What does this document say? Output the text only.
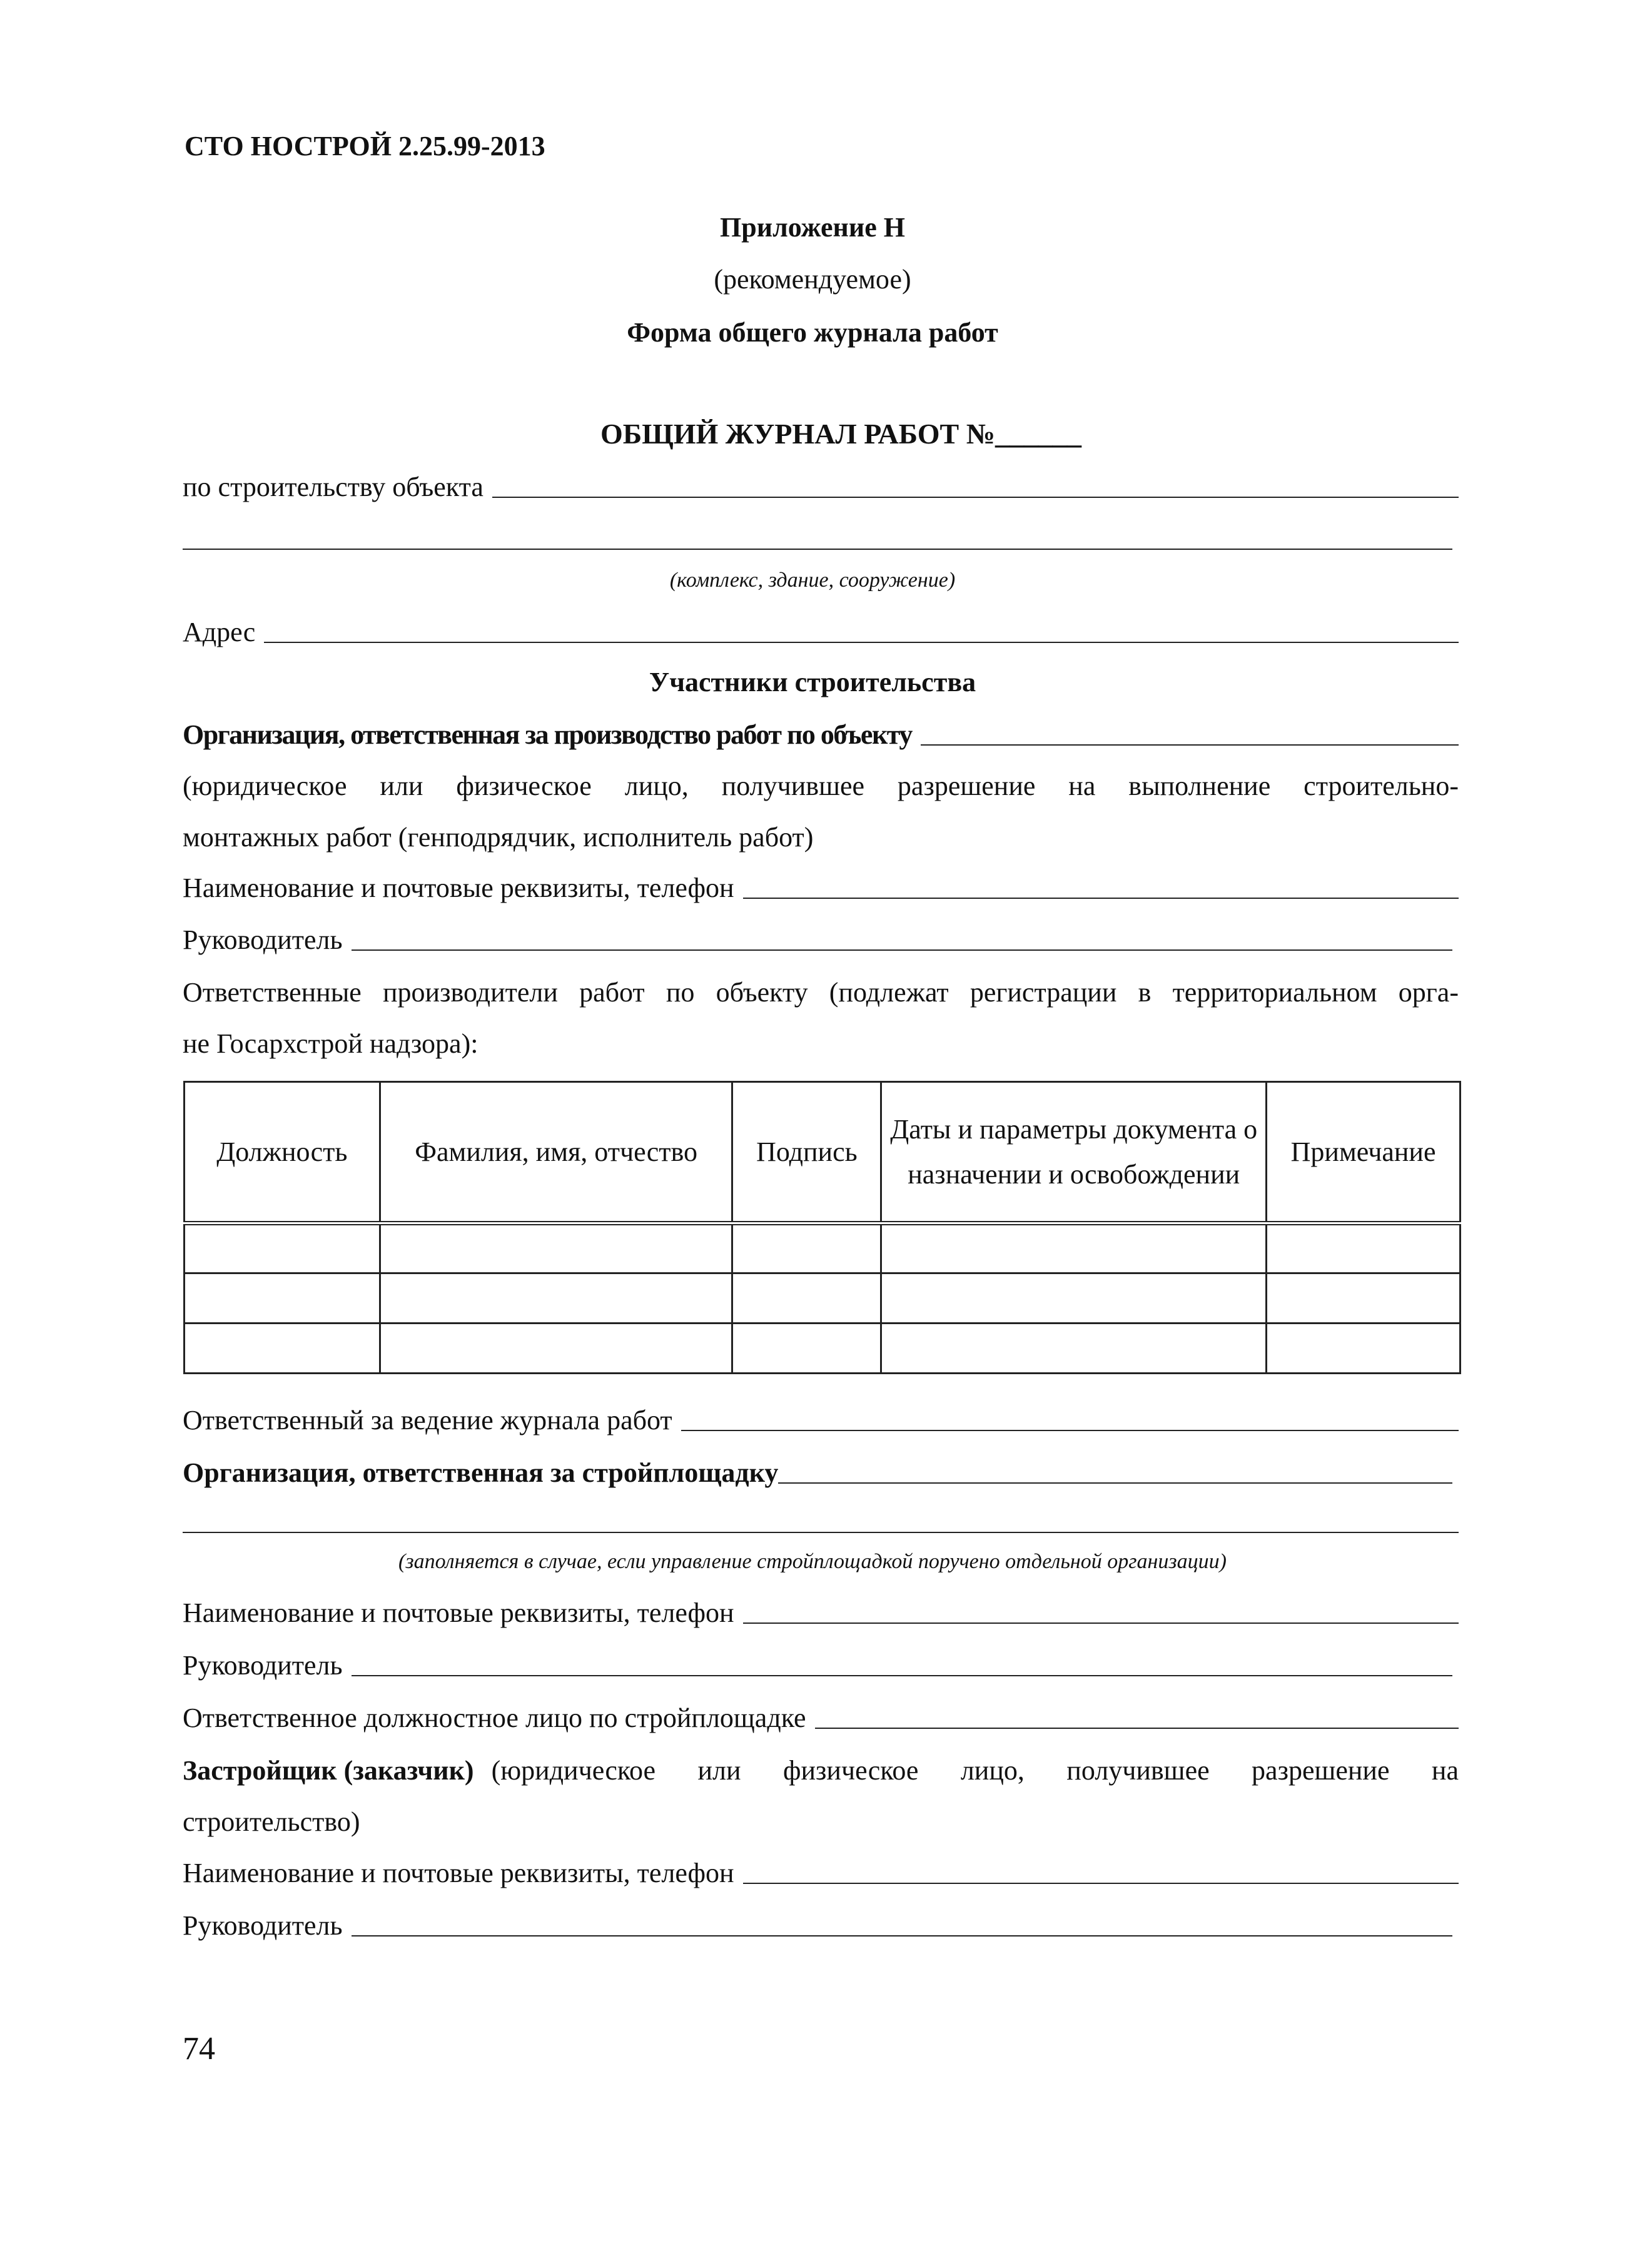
СТО НОСТРОЙ 2.25.99-2013
Приложение Н
(рекомендуемое)
Форма общего журнала работ
ОБЩИЙ ЖУРНАЛ РАБОТ №______
по строительству объекта
(комплекс, здание, сооружение)
Адрес
Участники строительства
Организация, ответственная за производство работ по объекту
(юридическое или физическое лицо, получившее разрешение на выполнение строительно-
монтажных работ (генподрядчик, исполнитель работ)
Наименование и почтовые реквизиты, телефон
Руководитель
Ответственные производители работ по объекту (подлежат регистрации в территориальном орга-
не Госархстрой надзора):
Должность	Фамилия, имя, отчество	Подпись	Даты и параметры документа о назначении и освобождении	Примечание

Ответственный за ведение журнала работ
Организация, ответственная за стройплощадку
(заполняется в случае, если управление стройплощадкой поручено отдельной организации)
Наименование и почтовые реквизиты, телефон
Руководитель
Ответственное должностное лицо по стройплощадке
Застройщик (заказчик) (юридическое или физическое лицо, получившее разрешение на
строительство)
Наименование и почтовые реквизиты, телефон
Руководитель
74
